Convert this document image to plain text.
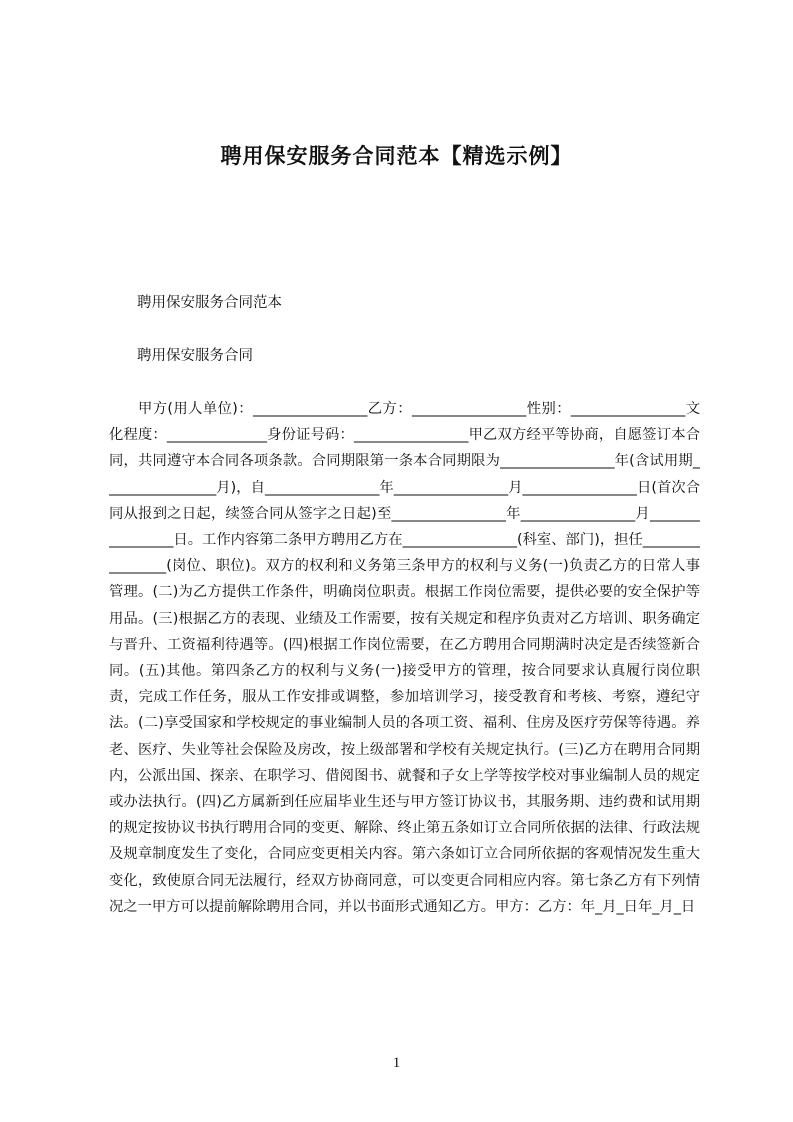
聘用保安服务合同范本【精选示例】

聘用保安服务合同范本

聘用保安服务合同

甲方(用人单位)：________________乙方：________________性别：________________文化程度：______________身份证号码：________________甲乙双方经平等协商，自愿签订本合同，共同遵守本合同各项条款。合同期限第一条本合同期限为________________年(含试用期________________月)，自________________年________________月________________日(首次合同从报到之日起，续签合同从签字之日起)至________________年________________月________________日。工作内容第二条甲方聘用乙方在________________(科室、部门)，担任________________(岗位、职位)。双方的权利和义务第三条甲方的权利与义务(一)负责乙方的日常人事管理。(二)为乙方提供工作条件，明确岗位职责。根据工作岗位需要，提供必要的安全保护等用品。(三)根据乙方的表现、业绩及工作需要，按有关规定和程序负责对乙方培训、职务确定与晋升、工资福利待遇等。(四)根据工作岗位需要，在乙方聘用合同期满时决定是否续签新合同。(五)其他。第四条乙方的权利与义务(一)接受甲方的管理，按合同要求认真履行岗位职责，完成工作任务，服从工作安排或调整，参加培训学习，接受教育和考核、考察，遵纪守法。(二)享受国家和学校规定的事业编制人员的各项工资、福利、住房及医疗劳保等待遇。养老、医疗、失业等社会保险及房改，按上级部署和学校有关规定执行。(三)乙方在聘用合同期内，公派出国、探亲、在职学习、借阅图书、就餐和子女上学等按学校对事业编制人员的规定或办法执行。(四)乙方属新到任应届毕业生还与甲方签订协议书，其服务期、违约费和试用期的规定按协议书执行聘用合同的变更、解除、终止第五条如订立合同所依据的法律、行政法规及规章制度发生了变化，合同应变更相关内容。第六条如订立合同所依据的客观情况发生重大变化，致使原合同无法履行，经双方协商同意，可以变更合同相应内容。第七条乙方有下列情况之一甲方可以提前解除聘用合同，并以书面形式通知乙方。甲方：乙方：年_月_日年_月_日

1
